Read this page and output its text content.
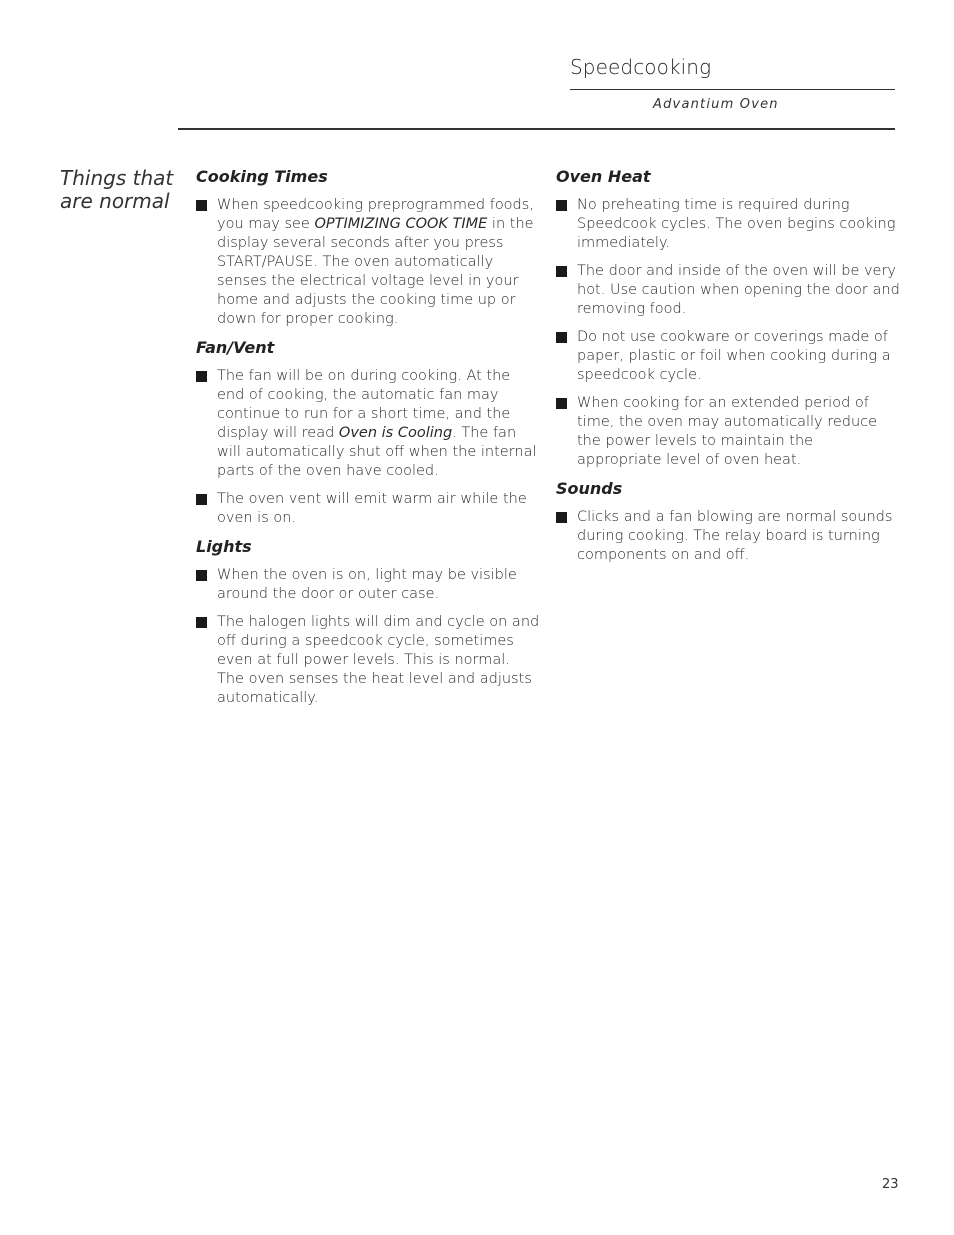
Speedcooking
Advantium Oven
Things that
are normal
Cooking Times
When speedcooking preprogrammed foods, you may see OPTIMIZING COOK TIME in the display several seconds after you press START/PAUSE. The oven automatically senses the electrical voltage level in your home and adjusts the cooking time up or down for proper cooking.
Fan/Vent
The fan will be on during cooking. At the end of cooking, the automatic fan may continue to run for a short time, and the display will read Oven is Cooling. The fan will automatically shut off when the internal parts of the oven have cooled.
The oven vent will emit warm air while the oven is on.
Lights
When the oven is on, light may be visible around the door or outer case.
The halogen lights will dim and cycle on and off during a speedcook cycle, sometimes even at full power levels. This is normal. The oven senses the heat level and adjusts automatically.
Oven Heat
No preheating time is required during Speedcook cycles. The oven begins cooking immediately.
The door and inside of the oven will be very hot. Use caution when opening the door and removing food.
Do not use cookware or coverings made of paper, plastic or foil when cooking during a speedcook cycle.
When cooking for an extended period of time, the oven may automatically reduce the power levels to maintain the appropriate level of oven heat.
Sounds
Clicks and a fan blowing are normal sounds during cooking. The relay board is turning components on and off.
23
